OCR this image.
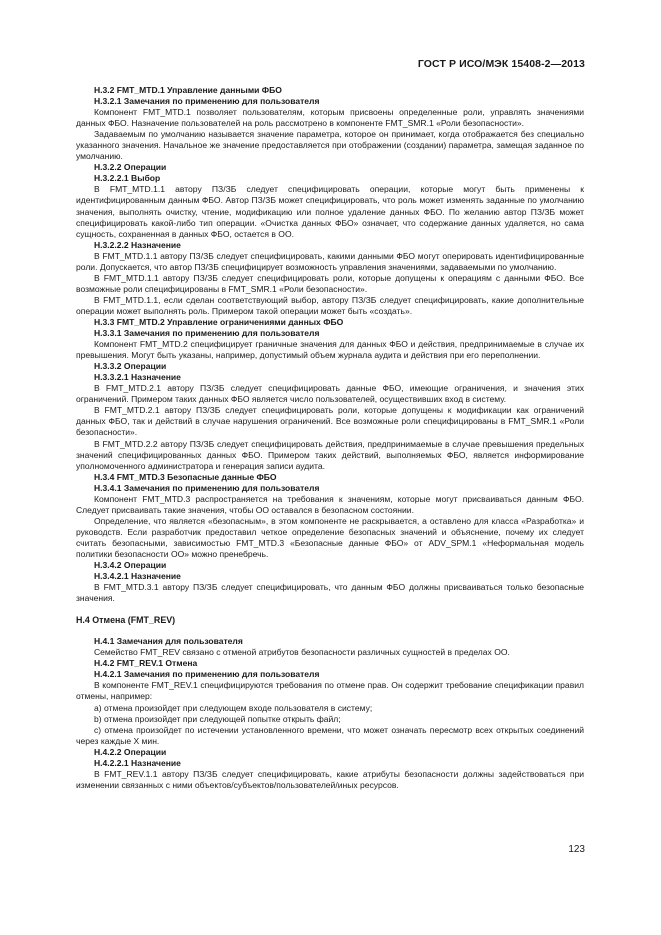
ГОСТ Р ИСО/МЭК 15408-2—2013
Н.3.2 FMT_MTD.1 Управление данными ФБО
Н.3.2.1 Замечания по применению для пользователя
Компонент FMT_MTD.1 позволяет пользователям, которым присвоены определенные роли, управлять значениями данных ФБО. Назначение пользователей на роль рассмотрено в компоненте FMT_SMR.1 «Роли безопасности».
Задаваемым по умолчанию называется значение параметра, которое он принимает, когда отображается без специально указанного значения. Начальное же значение предоставляется при отображении (создании) параметра, замещая заданное по умолчанию.
Н.3.2.2 Операции
Н.3.2.2.1 Выбор
В FMT_MTD.1.1 автору ПЗ/ЗБ следует специфицировать операции, которые могут быть применены к идентифицированным данным ФБО. Автор ПЗ/ЗБ может специфицировать, что роль может изменять заданные по умолчанию значения, выполнять очистку, чтение, модификацию или полное удаление данных ФБО. По желанию автор ПЗ/ЗБ может специфицировать какой-либо тип операции. «Очистка данных ФБО» означает, что содержание данных удаляется, но сама сущность, сохраненная в данных ФБО, остается в ОО.
Н.3.2.2.2 Назначение
В FMT_MTD.1.1 автору ПЗ/ЗБ следует специфицировать, какими данными ФБО могут оперировать идентифицированные роли. Допускается, что автор ПЗ/ЗБ специфицирует возможность управления значениями, задаваемыми по умолчанию.
В FMT_MTD.1.1 автору ПЗ/ЗБ следует специфицировать роли, которые допущены к операциям с данными ФБО. Все возможные роли специфицированы в FMT_SMR.1 «Роли безопасности».
В FMT_MTD.1.1, если сделан соответствующий выбор, автору ПЗ/ЗБ следует специфицировать, какие дополнительные операции может выполнять роль. Примером такой операции может быть «создать».
Н.3.3 FMT_MTD.2 Управление ограничениями данных ФБО
Н.3.3.1 Замечания по применению для пользователя
Компонент FMT_MTD.2 специфицирует граничные значения для данных ФБО и действия, предпринимаемые в случае их превышения. Могут быть указаны, например, допустимый объем журнала аудита и действия при его переполнении.
Н.3.3.2 Операции
Н.3.3.2.1 Назначение
В FMT_MTD.2.1 автору ПЗ/ЗБ следует специфицировать данные ФБО, имеющие ограничения, и значения этих ограничений. Примером таких данных ФБО является число пользователей, осуществивших вход в систему.
В FMT_MTD.2.1 автору ПЗ/ЗБ следует специфицировать роли, которые допущены к модификации как ограничений данных ФБО, так и действий в случае нарушения ограничений. Все возможные роли специфицированы в FMT_SMR.1 «Роли безопасности».
В FMT_MTD.2.2 автору ПЗ/ЗБ следует специфицировать действия, предпринимаемые в случае превышения предельных значений специфицированных данных ФБО. Примером таких действий, выполняемых ФБО, является информирование уполномоченного администратора и генерация записи аудита.
Н.3.4 FMT_MTD.3 Безопасные данные ФБО
Н.3.4.1 Замечания по применению для пользователя
Компонент FMT_MTD.3 распространяется на требования к значениям, которые могут присваиваться данным ФБО. Следует присваивать такие значения, чтобы ОО оставался в безопасном состоянии.
Определение, что является «безопасным», в этом компоненте не раскрывается, а оставлено для класса «Разработка» и руководств. Если разработчик предоставил четкое определение безопасных значений и объяснение, почему их следует считать безопасными, зависимостью FMT_MTD.3 «Безопасные данные ФБО» от ADV_SPM.1 «Неформальная модель политики безопасности ОО» можно пренебречь.
Н.3.4.2 Операции
Н.3.4.2.1 Назначение
В FMT_MTD.3.1 автору ПЗ/ЗБ следует специфицировать, что данным ФБО должны присваиваться только безопасные значения.
Н.4 Отмена (FMT_REV)
Н.4.1 Замечания для пользователя
Семейство FMT_REV связано с отменой атрибутов безопасности различных сущностей в пределах ОО.
Н.4.2 FMT_REV.1 Отмена
Н.4.2.1 Замечания по применению для пользователя
В компоненте FMT_REV.1 специфицируются требования по отмене прав. Он содержит требование спецификации правил отмены, например:
a) отмена произойдет при следующем входе пользователя в систему;
b) отмена произойдет при следующей попытке открыть файл;
c) отмена произойдет по истечении установленного времени, что может означать пересмотр всех открытых соединений через каждые X мин.
Н.4.2.2 Операции
Н.4.2.2.1 Назначение
В FMT_REV.1.1 автору ПЗ/ЗБ следует специфицировать, какие атрибуты безопасности должны задействоваться при изменении связанных с ними объектов/субъектов/пользователей/иных ресурсов.
123
